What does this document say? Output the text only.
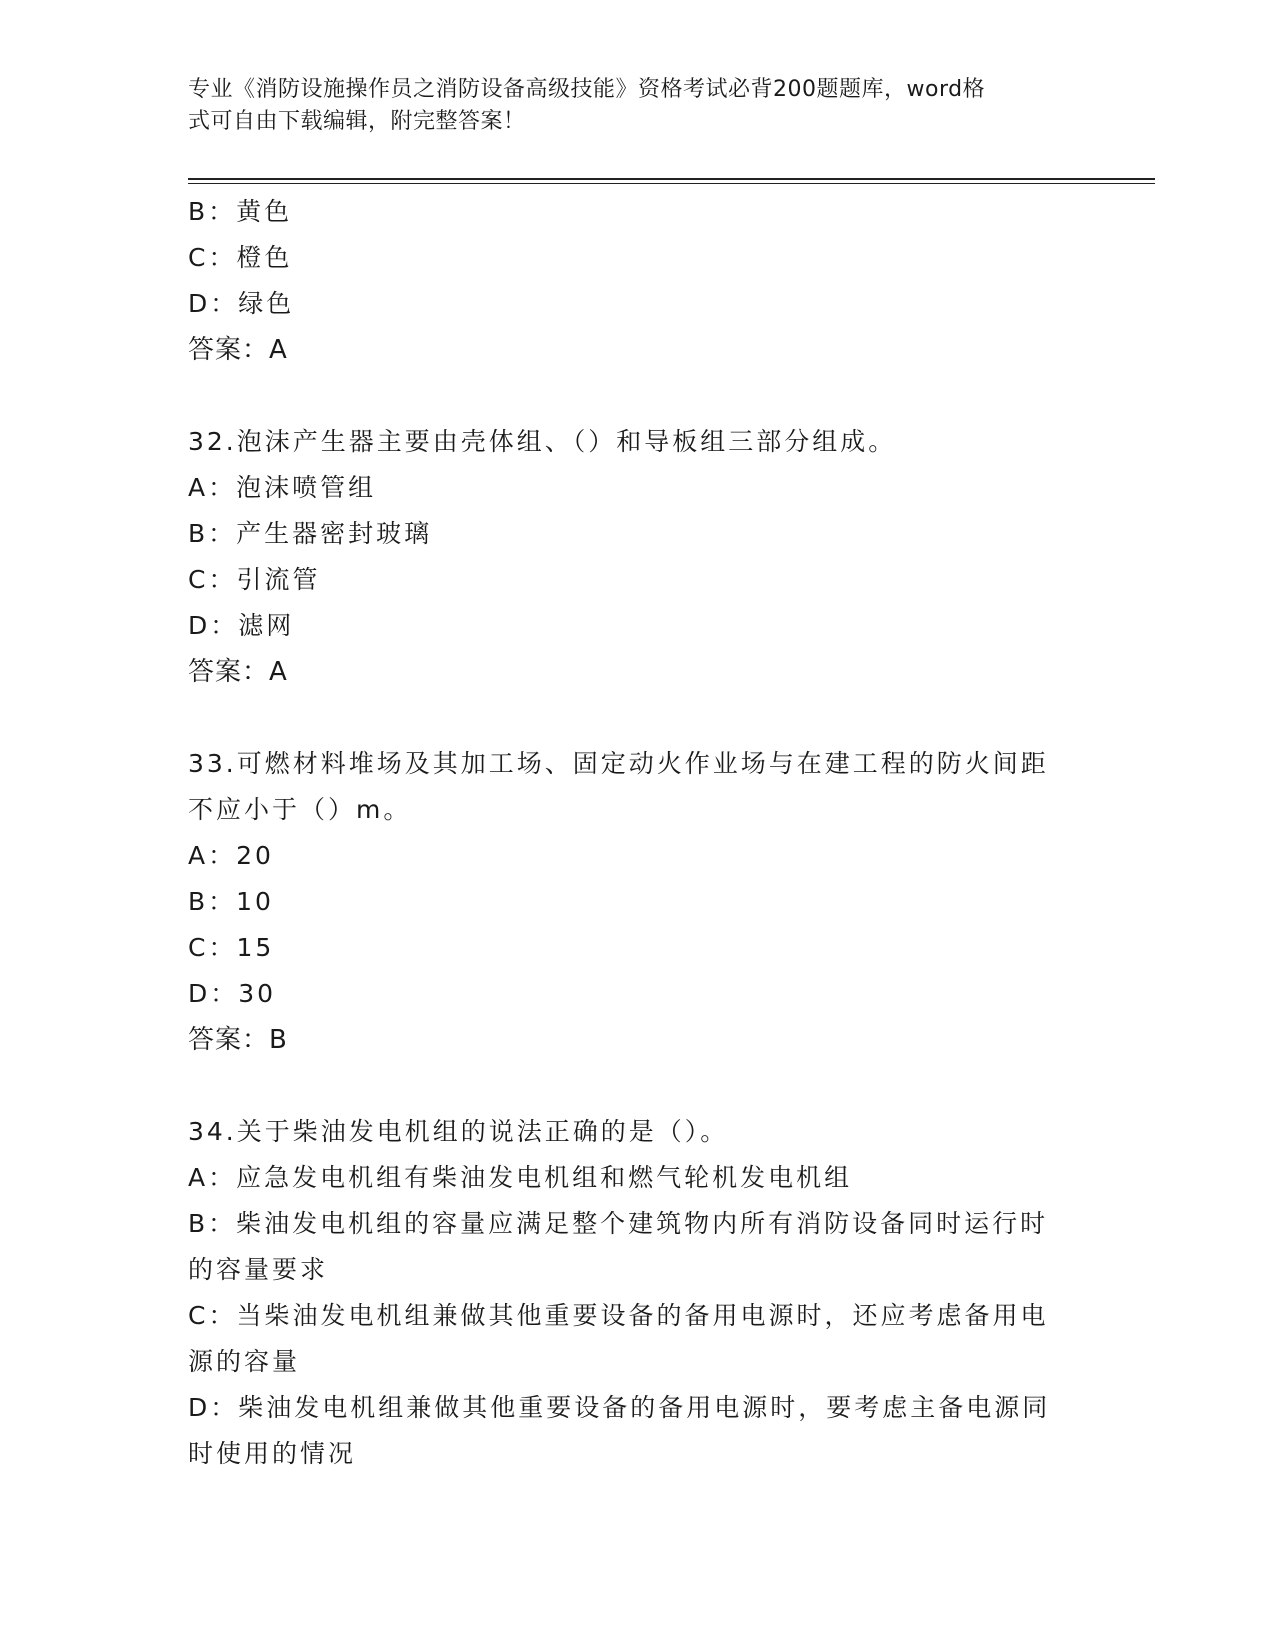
专业《消防设施操作员之消防设备高级技能》资格考试必背200题题库，word格
式可自由下载编辑，附完整答案！
B：黄色
C：橙色
D：绿色
答案：A
32.泡沫产生器主要由壳体组、（）和导板组三部分组成。
A：泡沫喷管组
B：产生器密封玻璃
C：引流管
D：滤网
答案：A
33.可燃材料堆场及其加工场、固定动火作业场与在建工程的防火间距
不应小于（）m。
A：20
B：10
C：15
D：30
答案：B
34.关于柴油发电机组的说法正确的是（）。
A：应急发电机组有柴油发电机组和燃气轮机发电机组
B：柴油发电机组的容量应满足整个建筑物内所有消防设备同时运行时
的容量要求
C：当柴油发电机组兼做其他重要设备的备用电源时，还应考虑备用电
源的容量
D：柴油发电机组兼做其他重要设备的备用电源时，要考虑主备电源同
时使用的情况
